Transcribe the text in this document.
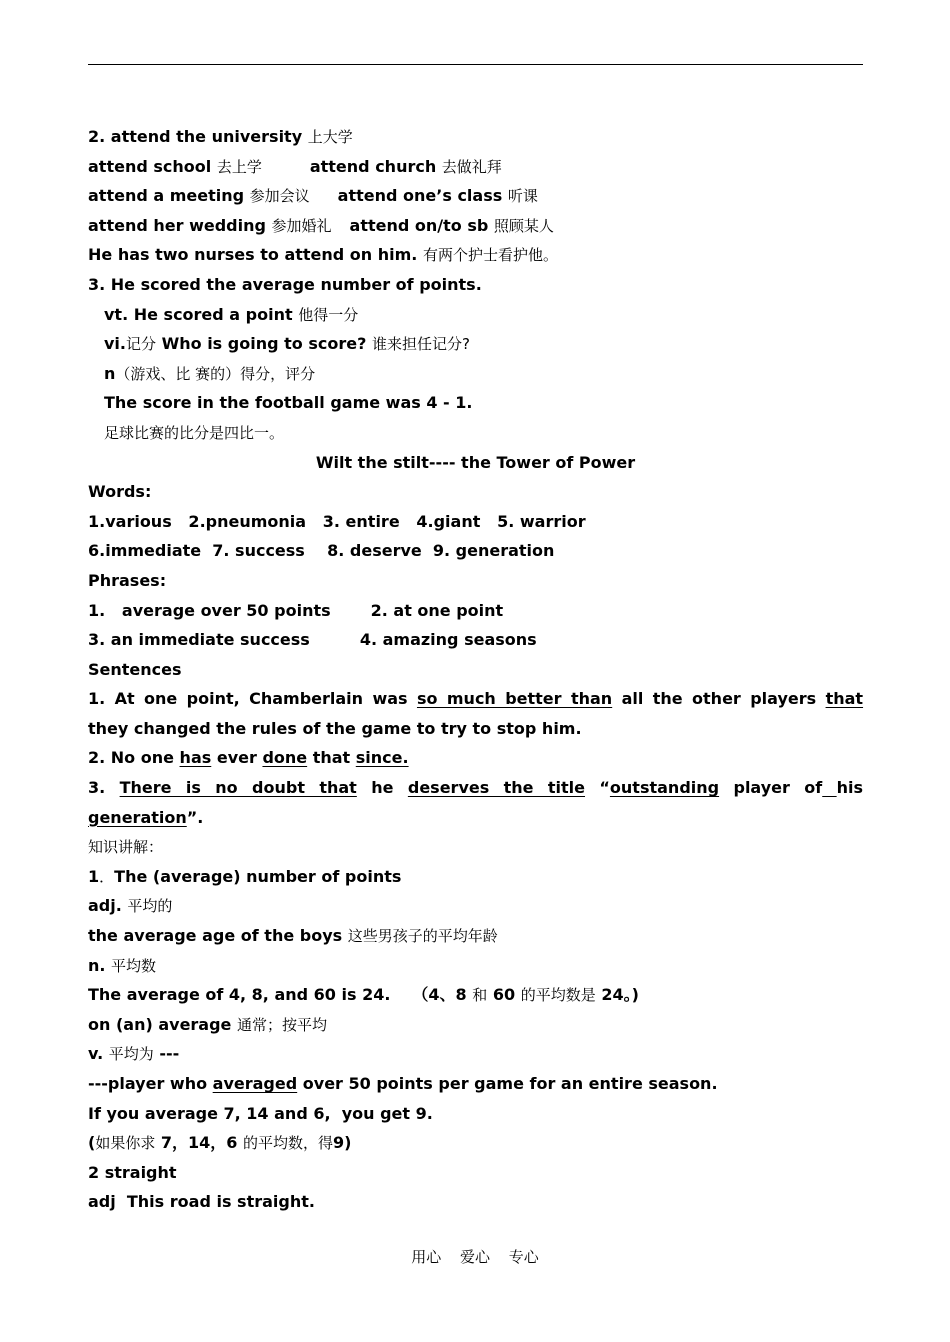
2. attend the university 上大学
attend school 去上学	attend church 去做礼拜
attend a meeting 参加会议 attend one’s class 听课
attend her wedding 参加婚礼 attend on/to sb 照顾某人
He has two nurses to attend on him. 有两个护士看护他。
3. He scored the average number of points.
vt. He scored a point 他得一分
vi.记分 Who is going to score? 谁来担任记分?
n（游戏、比 赛的）得分，评分
The score in the football game was 4 - 1.
足球比赛的比分是四比一。
Wilt the stilt---- the Tower of Power
Words:
1.various   2.pneumonia   3. entire   4.giant   5. warrior
6.immediate  7. success    8. deserve  9. generation
Phrases:
1.   average over 50 points	2. at one point
3. an immediate success	4. amazing seasons
Sentences
1. At one point, Chamberlain was so much better than all the other players that
they changed the rules of the game to try to stop him.
2. No one has ever done that since.
3. There is no doubt that he deserves the title “outstanding player of his
generation”.
知识讲解：
1．The (average) number of points
adj. 平均的
the average age of the boys 这些男孩子的平均年龄
n. 平均数
The average of 4, 8, and 60 is 24. （4、8 和 60 的平均数是 24。)
on (an) average 通常；按平均
v. 平均为 ---
---player who averaged over 50 points per game for an entire season.
If you average 7, 14 and 6,  you get 9.
(如果你求 7，14，6 的平均数，得9)
2 straight
adj  This road is straight.
用心 爱心 专心
